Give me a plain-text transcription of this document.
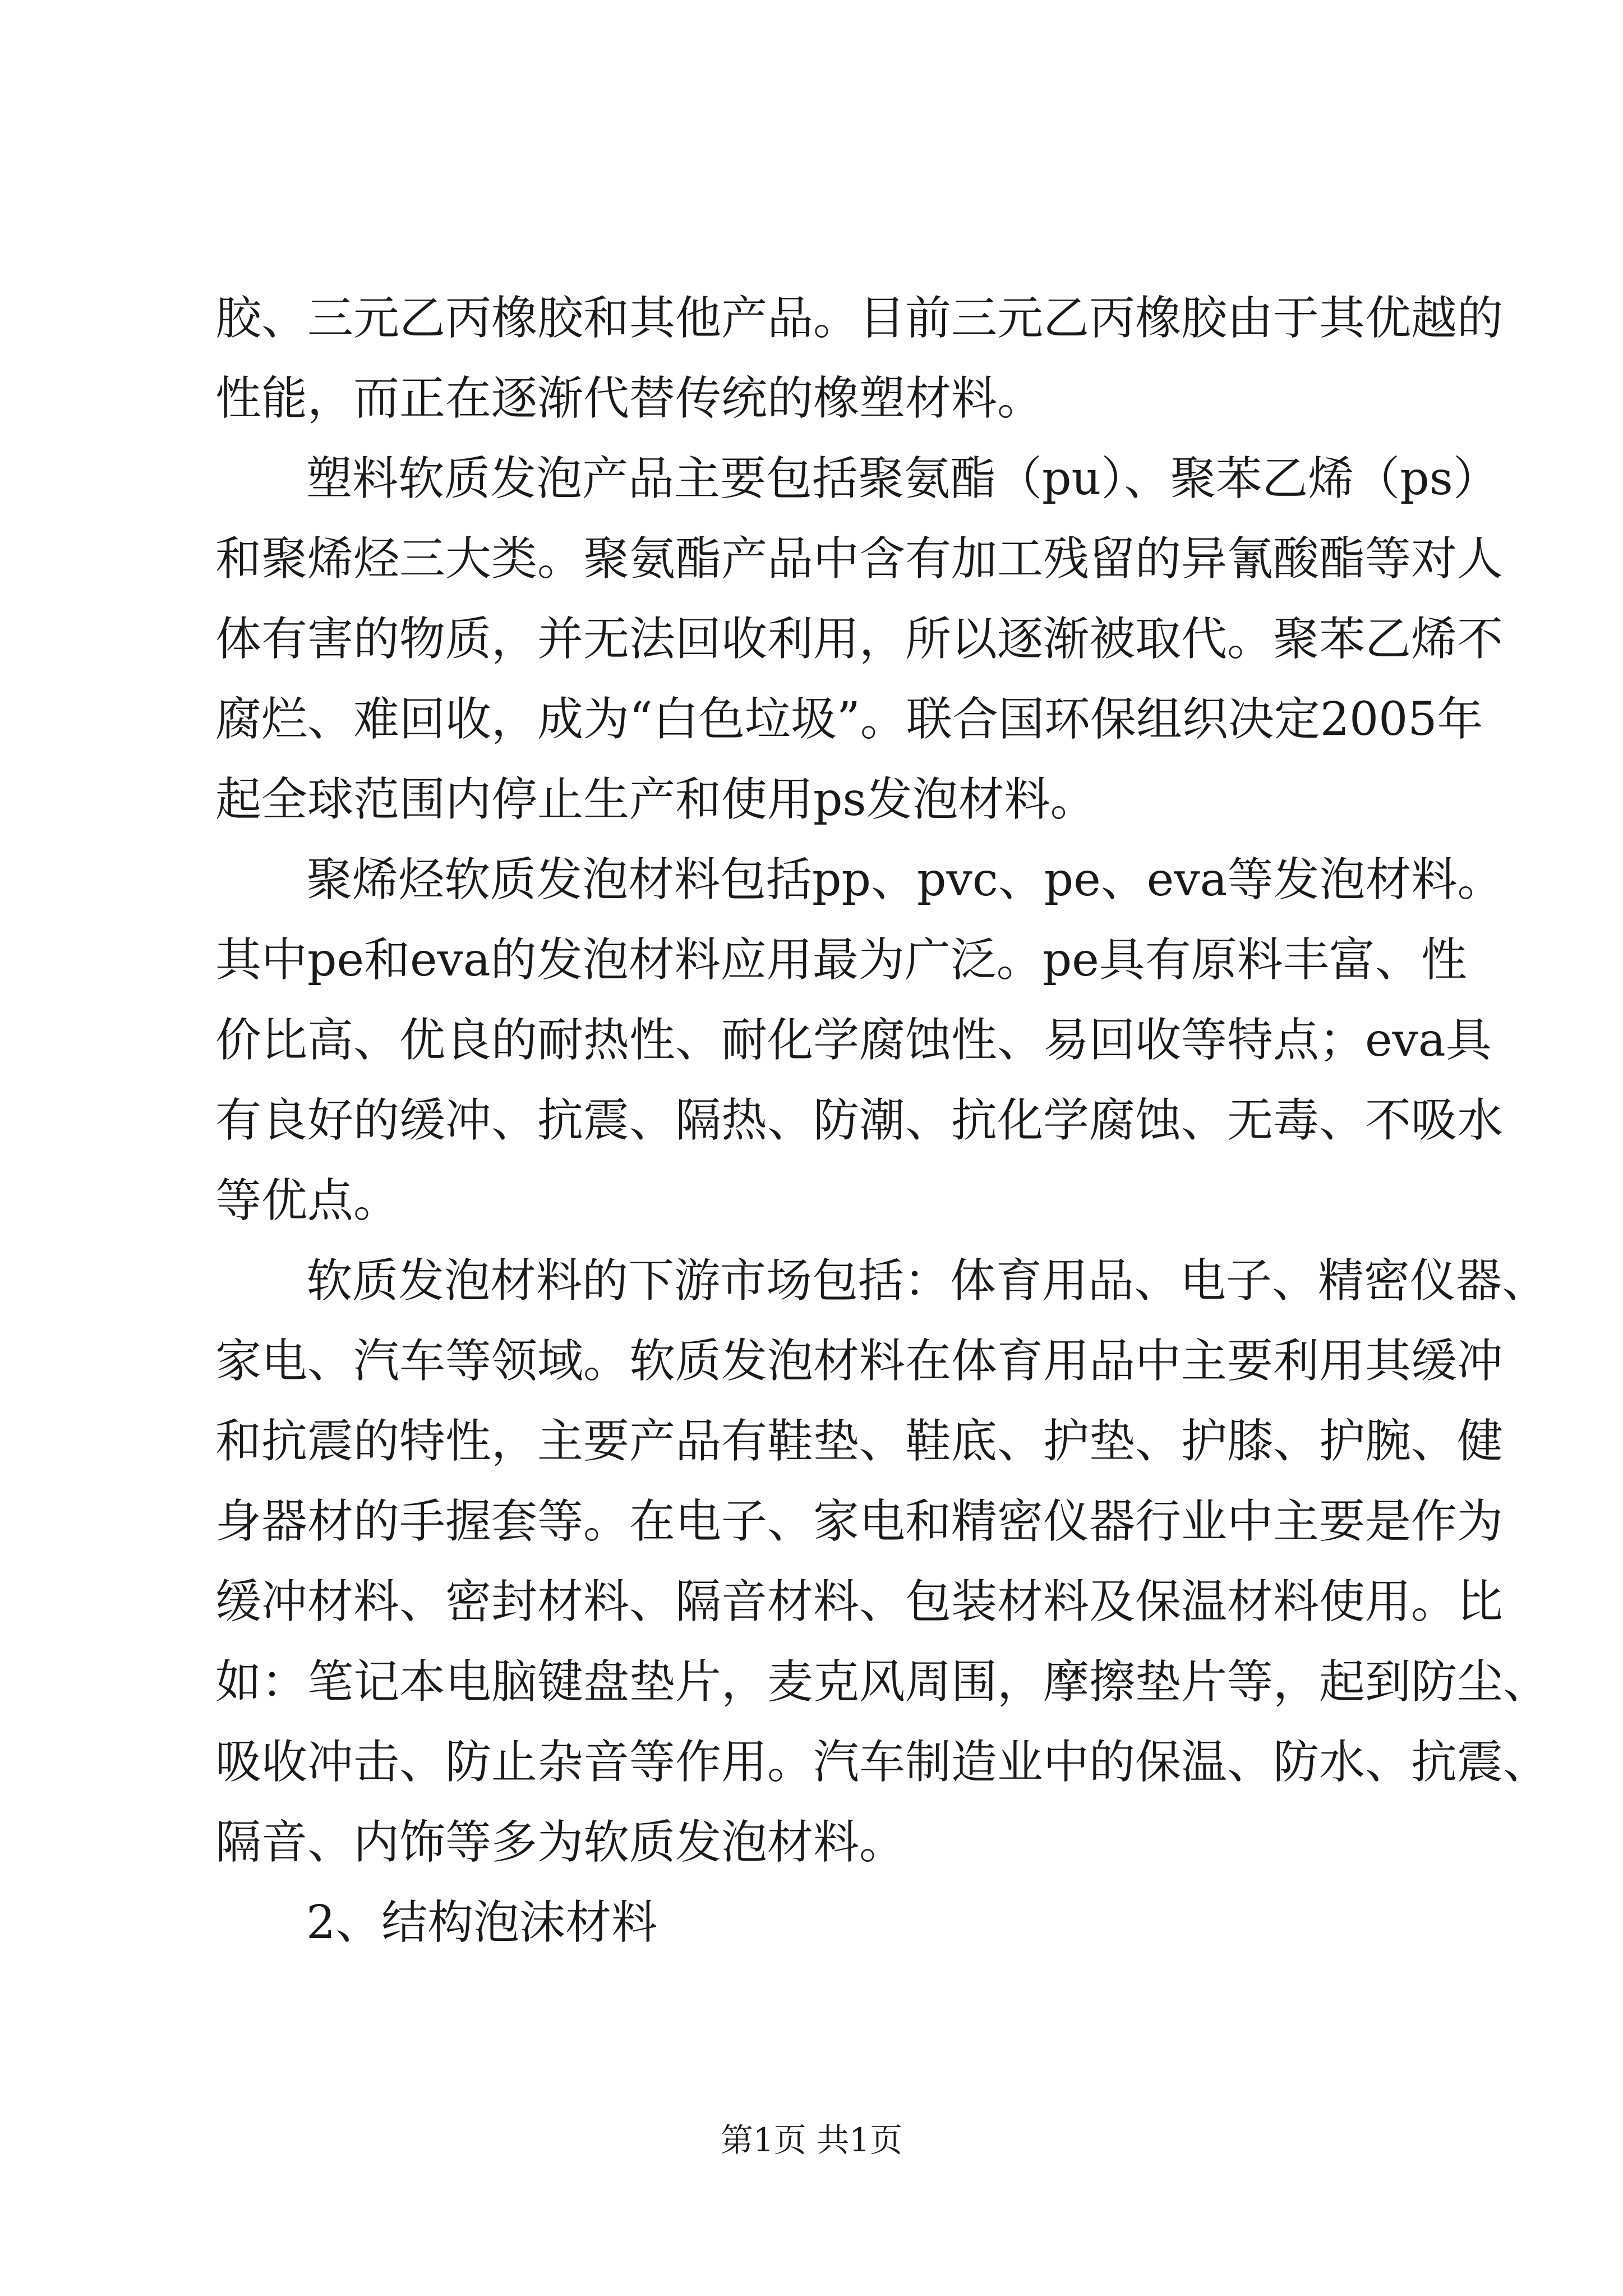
胶、三元乙丙橡胶和其他产品。目前三元乙丙橡胶由于其优越的
性能，而正在逐渐代替传统的橡塑材料。
塑料软质发泡产品主要包括聚氨酯（pu）、聚苯乙烯（ps）
和聚烯烃三大类。聚氨酯产品中含有加工残留的异氰酸酯等对人
体有害的物质，并无法回收利用，所以逐渐被取代。聚苯乙烯不
腐烂、难回收，成为“白色垃圾”。联合国环保组织决定2005年
起全球范围内停止生产和使用ps发泡材料。
聚烯烃软质发泡材料包括pp、pvc、pe、eva等发泡材料。
其中pe和eva的发泡材料应用最为广泛。pe具有原料丰富、性
价比高、优良的耐热性、耐化学腐蚀性、易回收等特点；eva具
有良好的缓冲、抗震、隔热、防潮、抗化学腐蚀、无毒、不吸水
等优点。
软质发泡材料的下游市场包括：体育用品、电子、精密仪器、
家电、汽车等领域。软质发泡材料在体育用品中主要利用其缓冲
和抗震的特性，主要产品有鞋垫、鞋底、护垫、护膝、护腕、健
身器材的手握套等。在电子、家电和精密仪器行业中主要是作为
缓冲材料、密封材料、隔音材料、包装材料及保温材料使用。比
如：笔记本电脑键盘垫片，麦克风周围，摩擦垫片等，起到防尘、
吸收冲击、防止杂音等作用。汽车制造业中的保温、防水、抗震、
隔音、内饰等多为软质发泡材料。
2、结构泡沫材料
第1页 共1页
